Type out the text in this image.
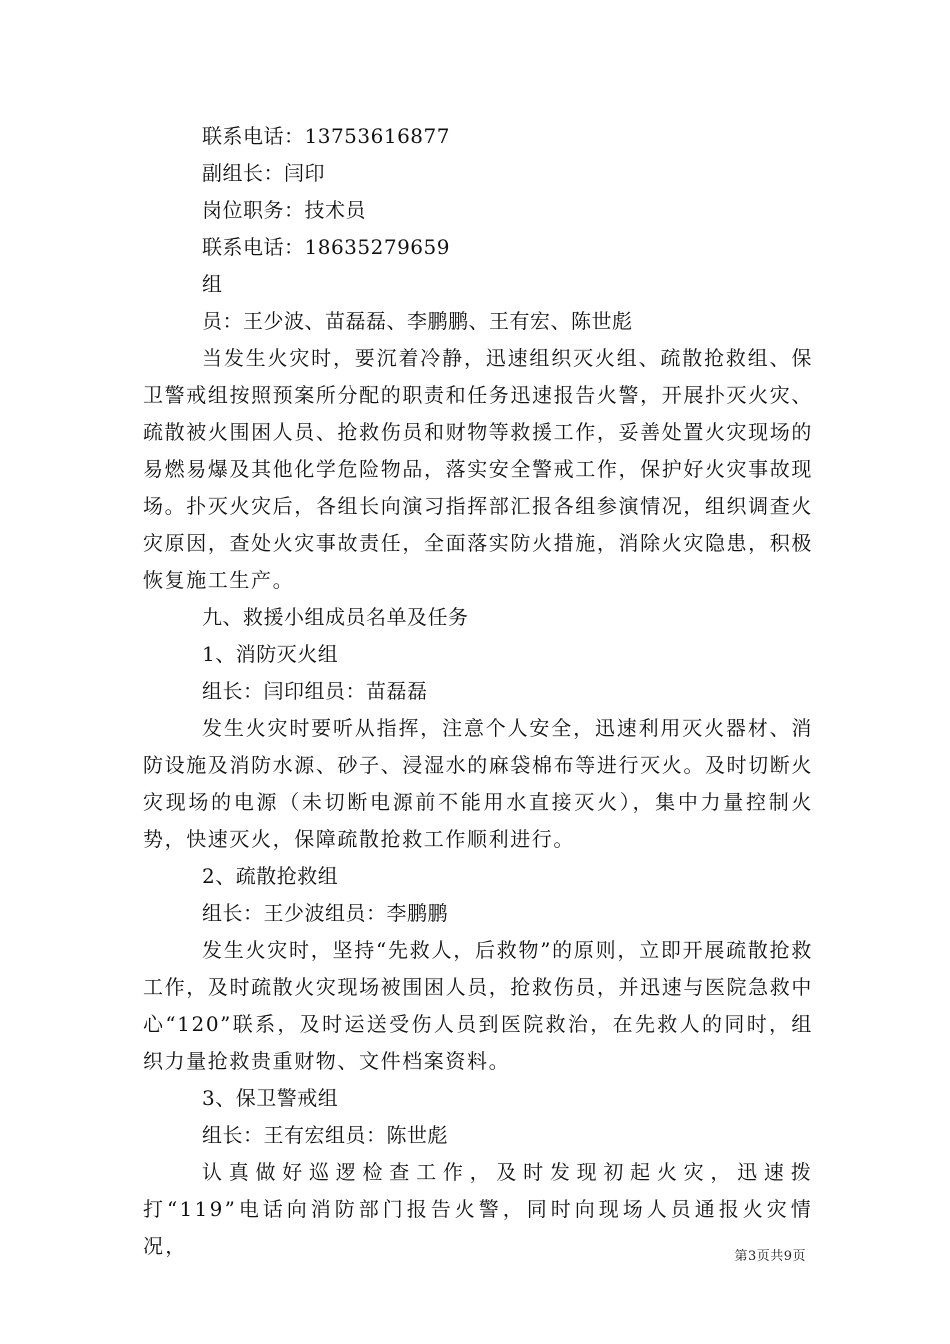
联系电话：13753616877

副组长：闫印

岗位职务：技术员

联系电话：18635279659

组

员：王少波、苗磊磊、李鹏鹏、王有宏、陈世彪

当发生火灾时，要沉着冷静，迅速组织灭火组、疏散抢救组、保卫警戒组按照预案所分配的职责和任务迅速报告火警，开展扑灭火灾、疏散被火围困人员、抢救伤员和财物等救援工作，妥善处置火灾现场的易燃易爆及其他化学危险物品，落实安全警戒工作，保护好火灾事故现场。扑灭火灾后，各组长向演习指挥部汇报各组参演情况，组织调查火灾原因，查处火灾事故责任，全面落实防火措施，消除火灾隐患，积极恢复施工生产。

九、救援小组成员名单及任务

1、消防灭火组

组长：闫印组员：苗磊磊

发生火灾时要听从指挥，注意个人安全，迅速利用灭火器材、消防设施及消防水源、砂子、浸湿水的麻袋棉布等进行灭火。及时切断火灾现场的电源（未切断电源前不能用水直接灭火），集中力量控制火势，快速灭火，保障疏散抢救工作顺利进行。

2、疏散抢救组

组长：王少波组员：李鹏鹏

发生火灾时，坚持“先救人，后救物”的原则，立即开展疏散抢救工作，及时疏散火灾现场被围困人员，抢救伤员，并迅速与医院急救中心“120”联系，及时运送受伤人员到医院救治，在先救人的同时，组织力量抢救贵重财物、文件档案资料。

3、保卫警戒组

组长：王有宏组员：陈世彪

认真做好巡逻检查工作，及时发现初起火灾，迅速拨打“119”电话向消防部门报告火警，同时向现场人员通报火灾情况，	第3页共9页
